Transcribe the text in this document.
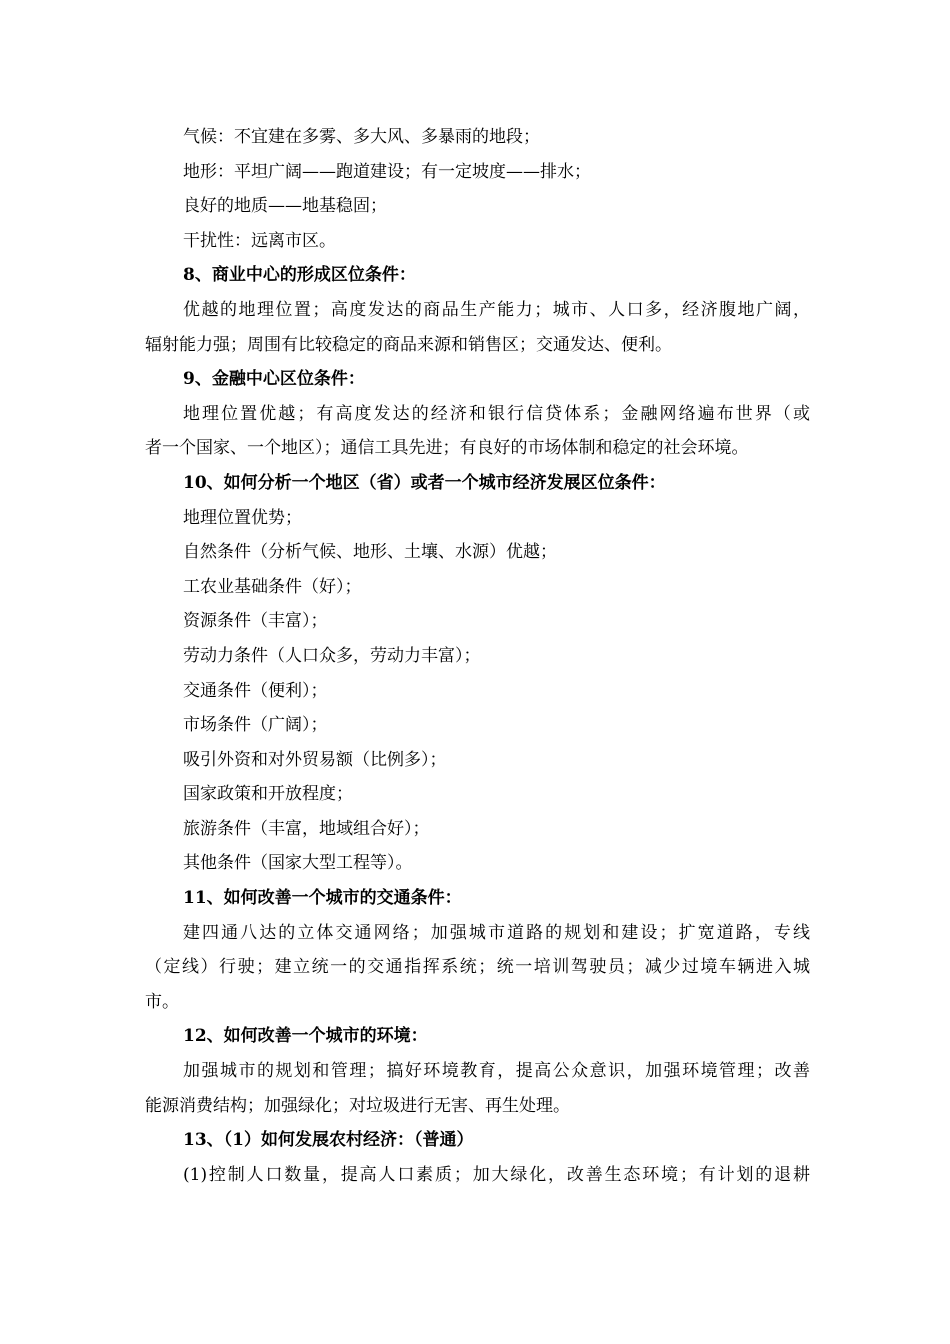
气候：不宜建在多雾、多大风、多暴雨的地段；
地形：平坦广阔——跑道建设；有一定坡度——排水；
良好的地质——地基稳固；
干扰性：远离市区。
8、商业中心的形成区位条件：
优越的地理位置；高度发达的商品生产能力；城市、人口多，经济腹地广阔，
辐射能力强；周围有比较稳定的商品来源和销售区；交通发达、便利。
9、金融中心区位条件：
地理位置优越；有高度发达的经济和银行信贷体系；金融网络遍布世界（或
者一个国家、一个地区）；通信工具先进；有良好的市场体制和稳定的社会环境。
10、如何分析一个地区（省）或者一个城市经济发展区位条件：
地理位置优势；
自然条件（分析气候、地形、土壤、水源）优越；
工农业基础条件（好）；
资源条件（丰富）；
劳动力条件（人口众多，劳动力丰富）；
交通条件（便利）；
市场条件（广阔）；
吸引外资和对外贸易额（比例多）；
国家政策和开放程度；
旅游条件（丰富，地域组合好）；
其他条件（国家大型工程等）。
11、如何改善一个城市的交通条件：
建四通八达的立体交通网络；加强城市道路的规划和建设；扩宽道路，专线
（定线）行驶；建立统一的交通指挥系统；统一培训驾驶员；减少过境车辆进入城
市。
12、如何改善一个城市的环境：
加强城市的规划和管理；搞好环境教育，提高公众意识，加强环境管理；改善
能源消费结构；加强绿化；对垃圾进行无害、再生处理。
13、（1）如何发展农村经济：（普通）
(1)控制人口数量，提高人口素质；加大绿化，改善生态环境；有计划的退耕
